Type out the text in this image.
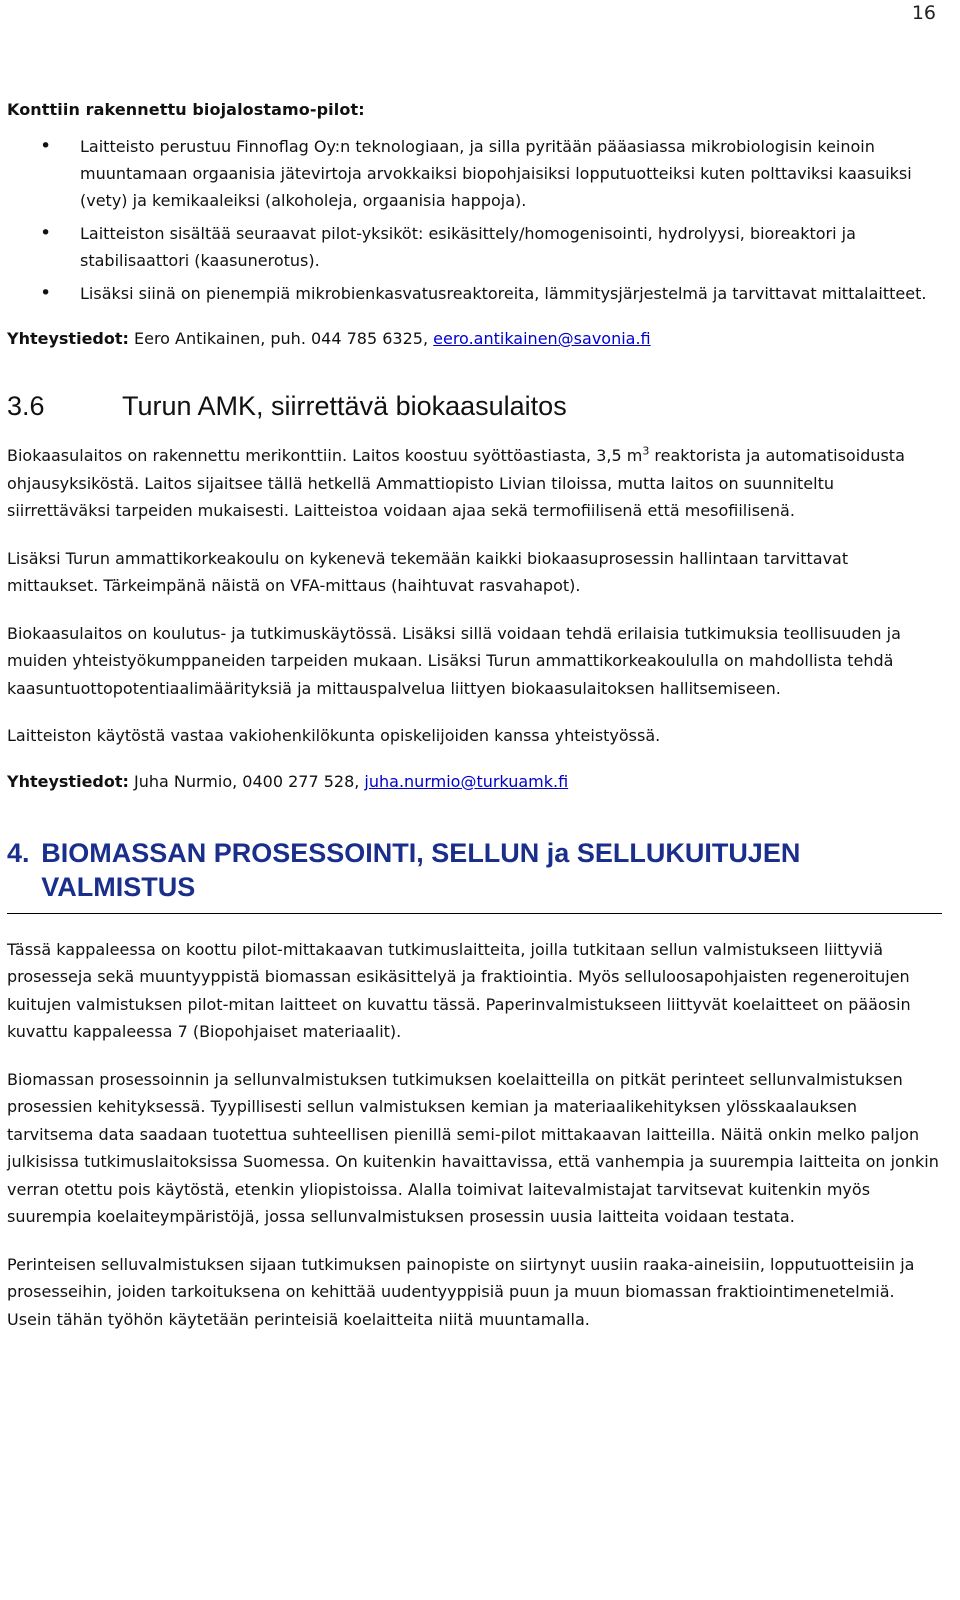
16
Konttiin rakennettu biojalostamo-pilot:
• Laitteisto perustuu Finnoflag Oy:n teknologiaan, ja silla pyritään pääasiassa mikrobiologisin keinoin muuntamaan orgaanisia jätevirtoja arvokkaiksi biopohjaisiksi lopputuotteiksi kuten polttaviksi kaasuiksi (vety) ja kemikaaleiksi (alkoholeja, orgaanisia happoja).
• Laitteiston sisältää seuraavat pilot-yksiköt: esikäsittely/homogenisointi, hydrolyysi, bioreaktori ja stabilisaattori (kaasunerotus).
• Lisäksi siinä on pienempiä mikrobienkasvatusreaktoreita, lämmitysjärjestelmä ja tarvittavat mittalaitteet.
Yhteystiedot: Eero Antikainen, puh. 044 785 6325, eero.antikainen@savonia.fi
3.6	Turun AMK, siirrettävä biokaasulaitos

Biokaasulaitos on rakennettu merikonttiin. Laitos koostuu syöttöastiasta, 3,5 $m^3$ reaktorista ja automatisoidusta ohjausyksiköstä. Laitos sijaitsee tällä hetkellä Ammattiopisto Livian tiloissa, mutta laitos on suunniteltu siirrettäväksi tarpeiden mukaisesti. Laitteistoa voidaan ajaa sekä termofiilisenä että mesofiilisenä.

Lisäksi Turun ammattikorkeakoulu on kykenevä tekemään kaikki biokaasuprosessin hallintaan tarvittavat mittaukset. Tärkeimpänä näistä on VFA-mittaus (haihtuvat rasvahapot).

Biokaasulaitos on koulutus- ja tutkimuskäytössä. Lisäksi sillä voidaan tehdä erilaisia tutkimuksia teollisuuden ja muiden yhteistyökumppaneiden tarpeiden mukaan. Lisäksi Turun ammattikorkeakoululla on mahdollista tehdä kaasuntuottopotentiaalimäärityksiä ja mittauspalvelua liittyen biokaasulaitoksen hallitsemiseen.

Laitteiston käytöstä vastaa vakiohenkilökunta opiskelijoiden kanssa yhteistyössä.

Yhteystiedot: Juha Nurmio, 0400 277 528, juha.nurmio@turkuamk.fi
4. BIOMASSAN PROSESSOINTI, SELLUN ja SELLUKUITUJEN VALMISTUS

Tässä kappaleessa on koottu pilot-mittakaavan tutkimuslaitteita, joilla tutkitaan sellun valmistukseen liittyviä prosesseja sekä muuntyyppistä biomassan esikäsittelyä ja fraktiointia. Myös selluloosapohjaisten regeneroitujen kuitujen valmistuksen pilot-mitan laitteet on kuvattu tässä. Paperinvalmistukseen liittyvät koelaitteet on pääosin kuvattu kappaleessa 7 (Biopohjaiset materiaalit).

Biomassan prosessoinnin ja sellunvalmistuksen tutkimuksen koelaitteilla on pitkät perinteet sellunvalmistuksen prosessien kehityksessä. Tyypillisesti sellun valmistuksen kemian ja materiaalikehityksen ylösskaalauksen tarvitsema data saadaan tuotettua suhteellisen pienillä semi-pilot mittakaavan laitteilla. Näitä onkin melko paljon julkisissa tutkimuslaitoksissa Suomessa. On kuitenkin havaittavissa, että vanhempia ja suurempia laitteita on jonkin verran otettu pois käytöstä, etenkin yliopistoissa. Alalla toimivat laitevalmistajat tarvitsevat kuitenkin myös suurempia koelaiteympäristöjä, jossa sellunvalmistuksen prosessin uusia laitteita voidaan testata.

Perinteisen selluvalmistuksen sijaan tutkimuksen painopiste on siirtynyt uusiin raaka-aineisiin, lopputuotteisiin ja prosesseihin, joiden tarkoituksena on kehittää uudentyyppisiä puun ja muun biomassan fraktiointimenetelmiä. Usein tähän työhön käytetään perinteisiä koelaitteita niitä muuntamalla.
